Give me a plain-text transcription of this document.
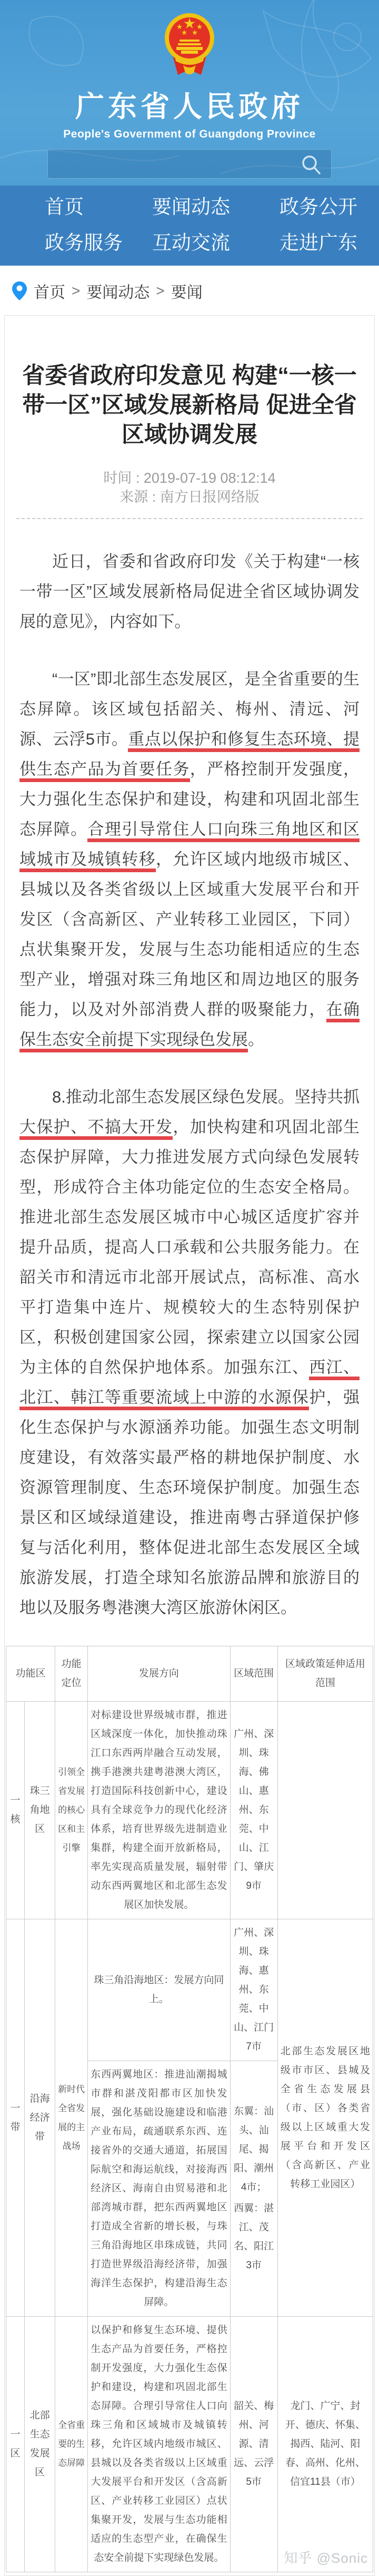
广东省人民政府
People's Government of Guangdong Province
首页	要闻动态	政务公开
政务服务	互动交流	走进广东
首页 > 要闻动态 > 要闻
省委省政府印发意见 构建“一核一带一区”区域发展新格局 促进全省区域协调发展
时间 : 2019-07-19 08:12:14
来源 : 南方日报网络版

近日，省委和省政府印发《关于构建“一核一带一区”区域发展新格局促进全省区域协调发展的意见》，内容如下。

“一区”即北部生态发展区，是全省重要的生态屏障。该区域包括韶关、梅州、清远、河源、云浮5市。重点以保护和修复生态环境、提供生态产品为首要任务，严格控制开发强度，大力强化生态保护和建设，构建和巩固北部生态屏障。合理引导常住人口向珠三角地区和区域城市及城镇转移，允许区域内地级市城区、县城以及各类省级以上区域重大发展平台和开发区（含高新区、产业转移工业园区，下同）点状集聚开发，发展与生态功能相适应的生态型产业，增强对珠三角地区和周边地区的服务能力，以及对外部消费人群的吸聚能力，在确保生态安全前提下实现绿色发展。

8.推动北部生态发展区绿色发展。坚持共抓大保护、不搞大开发，加快构建和巩固北部生态保护屏障，大力推进发展方式向绿色发展转型，形成符合主体功能定位的生态安全格局。推进北部生态发展区城市中心城区适度扩容并提升品质，提高人口承载和公共服务能力。在韶关市和清远市北部开展试点，高标准、高水平打造集中连片、规模较大的生态特别保护区，积极创建国家公园，探索建立以国家公园为主体的自然保护地体系。加强东江、西江、北江、韩江等重要流域上中游的水源保护，强化生态保护与水源涵养功能。加强生态文明制度建设，有效落实最严格的耕地保护制度、水资源管理制度、生态环境保护制度。加强生态景区和区域绿道建设，推进南粤古驿道保护修复与活化利用，整体促进北部生态发展区全域旅游发展，打造全球知名旅游品牌和旅游目的地以及服务粤港澳大湾区旅游休闲区。

功能区		功能定位	发展方向	区域范围	区域政策延伸适用范围
一核	珠三角地区	引领全省发展的核心区和主引擎	对标建设世界级城市群，推进区域深度一体化，加快推动珠江口东西两岸融合互动发展，携手港澳共建粤港澳大湾区，打造国际科技创新中心，建设具有全球竞争力的现代化经济体系，培育世界级先进制造业集群，构建全面开放新格局，率先实现高质量发展，辐射带动东西两翼地区和北部生态发展区加快发展。	广州、深圳、珠海、佛山、惠州、东莞、中山、江门、肇庆9市	
一带	沿海经济带	新时代全省发展的主战场	珠三角沿海地区：发展方向同上。	广州、深圳、珠海、惠州、东莞、中山、江门7市	北部生态发展区地级市市区、县城及全省生态发展县（市、区）各类省级以上区域重大发展平台和开发区（含高新区、产业转移工业园区）
			东西两翼地区：推进汕潮揭城市群和湛茂阳都市区加快发展，强化基础设施建设和临港产业布局，疏通联系东西、连接省外的交通大通道，拓展国际航空和海运航线，对接海西经济区、海南自由贸易港和北部湾城市群，把东西两翼地区打造成全省新的增长极，与珠三角沿海地区串珠成链，共同打造世界级沿海经济带，加强海洋生态保护，构建沿海生态屏障。	东翼：汕头、汕尾、揭阳、潮州4市；
西翼：湛江、茂名、阳江3市	

一区	北部生态发展区	全省重要的生态屏障	以保护和修复生态环境、提供生态产品为首要任务，严格控制开发强度，大力强化生态保护和建设，构建和巩固北部生态屏障。合理引导常住人口向珠三角和区域城市及城镇转移，允许区域内地级市城区、县城以及各类省级以上区域重大发展平台和开发区（含高新区、产业转移工业园区）点状集聚开发，发展与生态功能相适应的生态型产业，在确保生态安全前提下实现绿色发展。	韶关、梅州、河源、清远、云浮5市	龙门、广宁、封开、德庆、怀集、揭西、陆河、阳春、高州、化州、信宜11县（市）
知乎 @Sonic
